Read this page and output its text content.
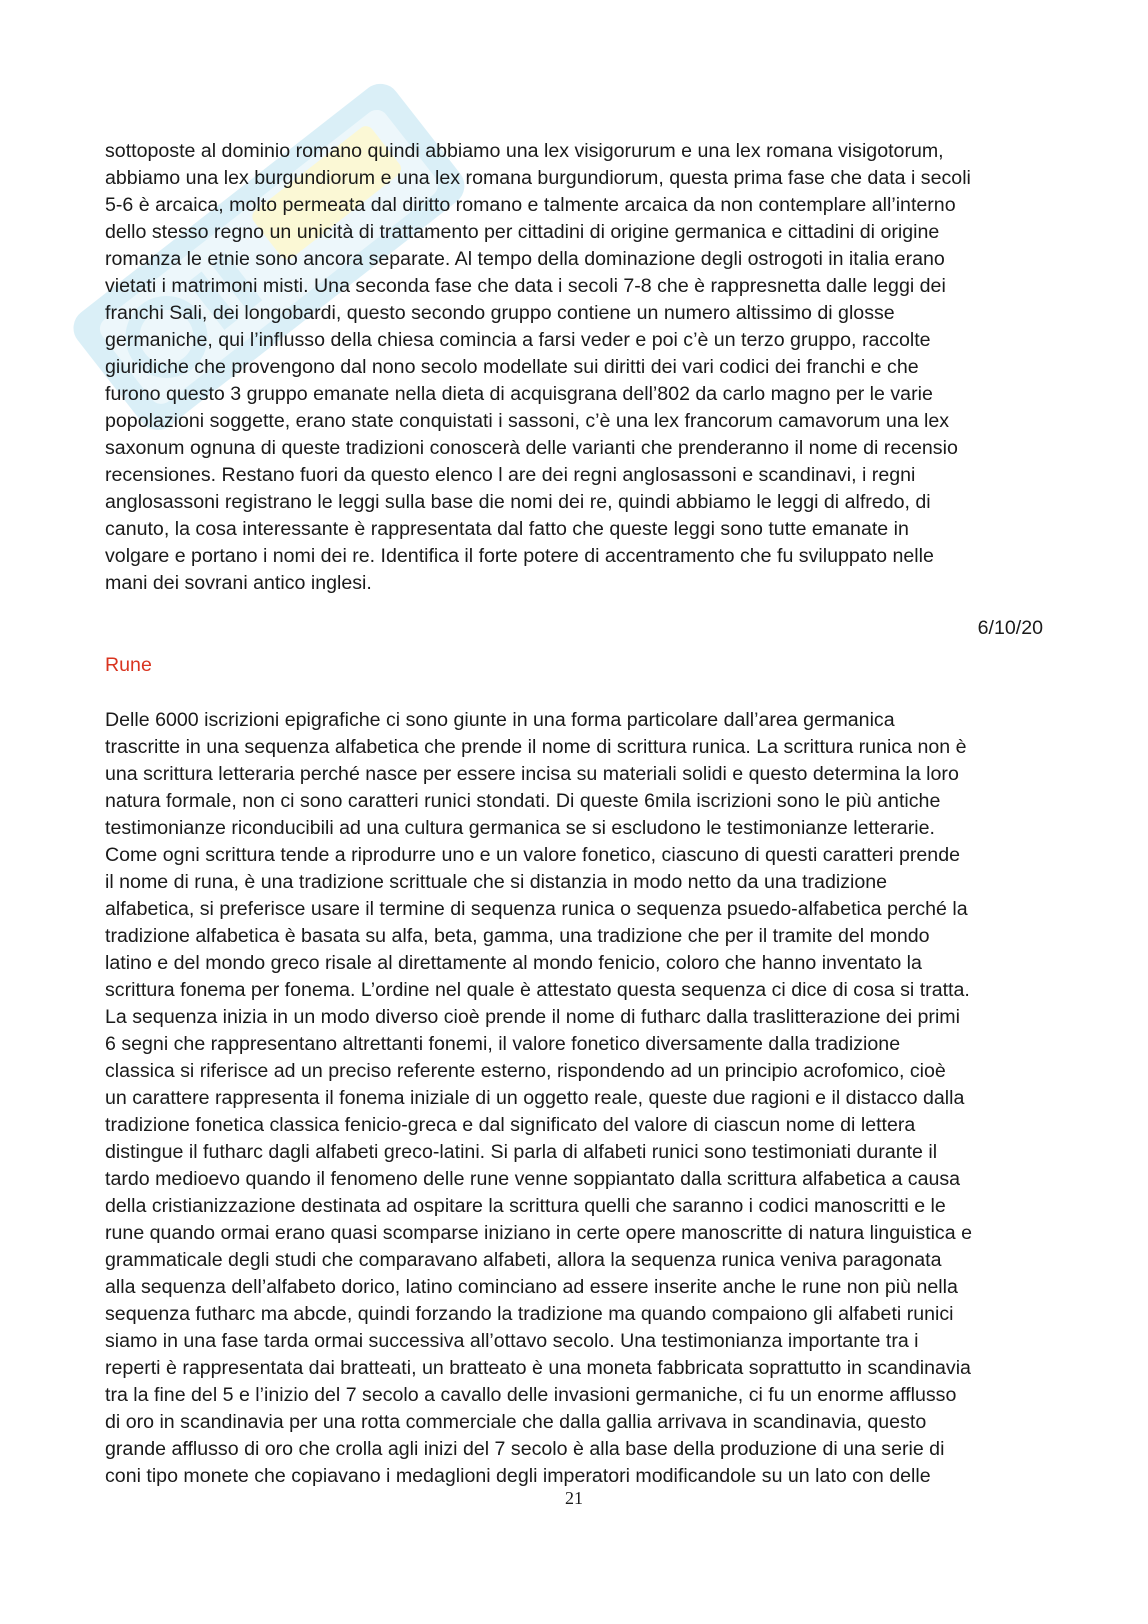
sottoposte al dominio romano quindi abbiamo una lex visigorurum e una lex romana visigotorum,
abbiamo una lex burgundiorum e una lex romana burgundiorum, questa prima fase che data i secoli
5-6 è arcaica, molto permeata dal diritto romano e talmente arcaica da non contemplare all’interno
dello stesso regno un unicità di trattamento per cittadini di origine germanica e cittadini di origine
romanza le etnie sono ancora separate. Al tempo della dominazione degli ostrogoti in italia erano
vietati i matrimoni misti. Una seconda fase che data i secoli 7-8 che è rappresnetta dalle leggi dei
franchi Sali, dei longobardi, questo secondo gruppo contiene un numero altissimo di glosse
germaniche, qui l’influsso della chiesa comincia a farsi veder e poi c’è un terzo gruppo, raccolte
giuridiche che provengono dal nono secolo modellate sui diritti dei vari codici dei franchi e che
furono questo 3 gruppo emanate nella dieta di acquisgrana dell’802 da carlo magno per le varie
popolazioni soggette, erano state conquistati i sassoni, c’è una lex francorum camavorum una lex
saxonum ognuna di queste tradizioni conoscerà delle varianti che prenderanno il nome di recensio
recensiones. Restano fuori da questo elenco l are dei regni anglosassoni e scandinavi, i regni
anglosassoni registrano le leggi sulla base die nomi dei re, quindi abbiamo le leggi di alfredo, di
canuto, la cosa interessante è rappresentata dal fatto che queste leggi sono tutte emanate in
volgare e portano i nomi dei re. Identifica il forte potere di accentramento che fu sviluppato nelle
mani dei sovrani antico inglesi.
6/10/20
Rune
Delle 6000 iscrizioni epigrafiche ci sono giunte in una forma particolare dall’area germanica
trascritte in una sequenza alfabetica che prende il nome di scrittura runica. La scrittura runica non è
una scrittura letteraria perché nasce per essere incisa su materiali solidi e questo determina la loro
natura formale, non ci sono caratteri runici stondati. Di queste 6mila iscrizioni sono le più antiche
testimonianze riconducibili ad una cultura germanica se si escludono le testimonianze letterarie.
Come ogni scrittura tende a riprodurre uno e un valore fonetico, ciascuno di questi caratteri prende
il nome di runa, è una tradizione scrittuale che si distanzia in modo netto da una tradizione
alfabetica, si preferisce usare il termine di sequenza runica o sequenza psuedo-alfabetica perché la
tradizione alfabetica è basata su alfa, beta, gamma, una tradizione che per il tramite del mondo
latino e del mondo greco risale al direttamente al mondo fenicio, coloro che hanno inventato la
scrittura fonema per fonema. L’ordine nel quale è attestato questa sequenza ci dice di cosa si tratta.
La sequenza inizia in un modo diverso cioè prende il nome di futharc dalla traslitterazione dei primi
6 segni che rappresentano altrettanti fonemi, il valore fonetico diversamente dalla tradizione
classica si riferisce ad un preciso referente esterno, rispondendo ad un principio acrofomico, cioè
un carattere rappresenta il fonema iniziale di un oggetto reale, queste due ragioni e il distacco dalla
tradizione fonetica classica fenicio-greca e dal significato del valore di ciascun nome di lettera
distingue il futharc dagli alfabeti greco-latini. Si parla di alfabeti runici sono testimoniati durante il
tardo medioevo quando il fenomeno delle rune venne soppiantato dalla scrittura alfabetica a causa
della cristianizzazione destinata ad ospitare la scrittura quelli che saranno i codici manoscritti e le
rune quando ormai erano quasi scomparse iniziano in certe opere manoscritte di natura linguistica e
grammaticale degli studi che comparavano alfabeti, allora la sequenza runica veniva paragonata
alla sequenza dell’alfabeto dorico, latino cominciano ad essere inserite anche le rune non più nella
sequenza futharc ma abcde, quindi forzando la tradizione ma quando compaiono gli alfabeti runici
siamo in una fase tarda ormai successiva all’ottavo secolo. Una testimonianza importante tra i
reperti è rappresentata dai bratteati, un bratteato è una moneta fabbricata soprattutto in scandinavia
tra la fine del 5 e l’inizio del 7 secolo a cavallo delle invasioni germaniche, ci fu un enorme afflusso
di oro in scandinavia per una rotta commerciale che dalla gallia arrivava in scandinavia, questo
grande afflusso di oro che crolla agli inizi del 7 secolo è alla base della produzione di una serie di
coni tipo monete che copiavano i medaglioni degli imperatori modificandole su un lato con delle
21
